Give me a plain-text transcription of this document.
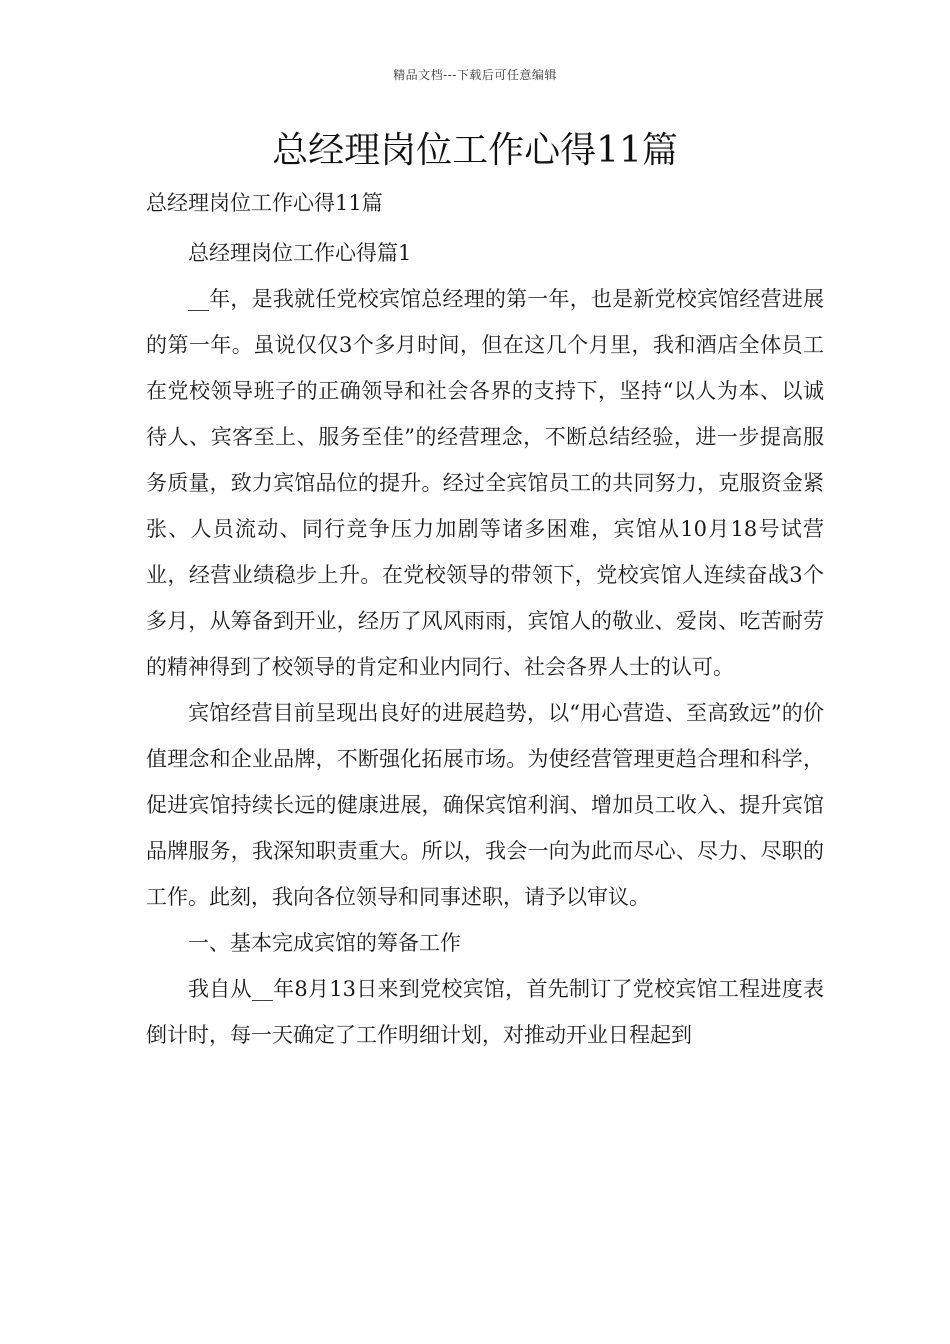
精品文档---下载后可任意编辑
总经理岗位工作心得11篇

总经理岗位工作心得11篇

总经理岗位工作心得篇1

__年，是我就任党校宾馆总经理的第一年，也是新党校宾馆经营进展的第一年。虽说仅仅3个多月时间，但在这几个月里，我和酒店全体员工在党校领导班子的正确领导和社会各界的支持下，坚持“以人为本、以诚待人、宾客至上、服务至佳”的经营理念，不断总结经验，进一步提高服务质量，致力宾馆品位的提升。经过全宾馆员工的共同努力，克服资金紧张、人员流动、同行竞争压力加剧等诸多困难，宾馆从10月18号试营业，经营业绩稳步上升。在党校领导的带领下，党校宾馆人连续奋战3个多月，从筹备到开业，经历了风风雨雨，宾馆人的敬业、爱岗、吃苦耐劳的精神得到了校领导的肯定和业内同行、社会各界人士的认可。

宾馆经营目前呈现出良好的进展趋势，以“用心营造、至高致远”的价值理念和企业品牌，不断强化拓展市场。为使经营管理更趋合理和科学，促进宾馆持续长远的健康进展，确保宾馆利润、增加员工收入、提升宾馆品牌服务，我深知职责重大。所以，我会一向为此而尽心、尽力、尽职的工作。此刻，我向各位领导和同事述职，请予以审议。

一、基本完成宾馆的筹备工作

我自从__年8月13日来到党校宾馆，首先制订了党校宾馆工程进度表倒计时，每一天确定了工作明细计划，对推动开业日程起到
